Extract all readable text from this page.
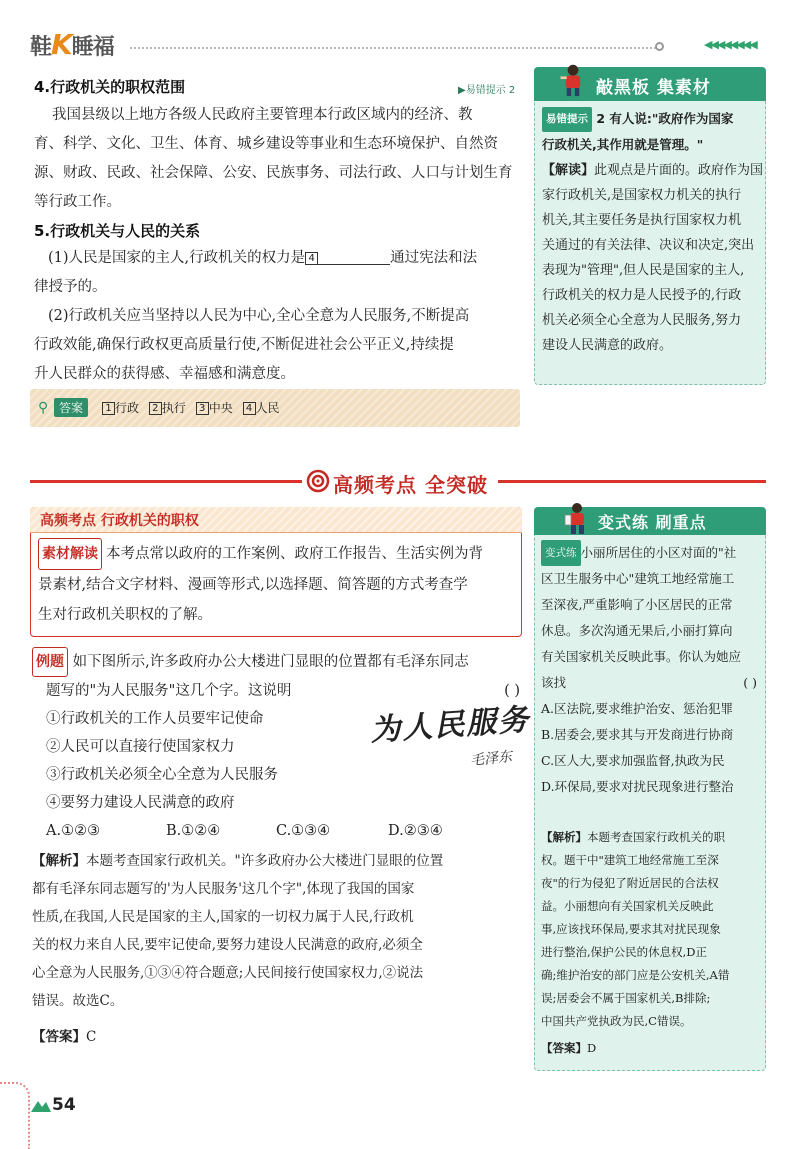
鞋K睡福	◀◀◀◀◀◀◀◀
4.行政机关的职权范围	▶易错提示 2
我国县级以上地方各级人民政府主要管理本行政区域内的经济、教
育、科学、文化、卫生、体育、城乡建设等事业和生态环境保护、自然资
源、财政、民政、社会保障、公安、民族事务、司法行政、人口与计划生育
等行政工作。
5.行政机关与人民的关系
(1)人民是国家的主人,行政机关的权力是 4	通过宪法和法
律授予的。
(2)行政机关应当坚持以人民为中心,全心全意为人民服务,不断提高
行政效能,确保行政权更高质量行使,不断促进社会公平正义,持续提
升人民群众的获得感、幸福感和满意度。
⚲ 答案	1 行政 2 执行 3 中央 4 人民
敲黑板 集素材
易错提示 2 有人说:"政府作为国家
行政机关,其作用就是管理。"
【解读】此观点是片面的。政府作为国
家行政机关,是国家权力机关的执行
机关,其主要任务是执行国家权力机
关通过的有关法律、决议和决定,突出
表现为"管理",但人民是国家的主人,
行政机关的权力是人民授予的,行政
机关必须全心全意为人民服务,努力
建设人民满意的政府。
高频考点 全突破
高频考点 行政机关的职权
素材解读 本考点常以政府的工作案例、政府工作报告、生活实例为背
景素材,结合文字材料、漫画等形式,以选择题、简答题的方式考查学
生对行政机关职权的了解。
例题 如下图所示,许多政府办公大楼进门显眼的位置都有毛泽东同志
题写的"为人民服务"这几个字。这说明	( )
①行政机关的工作人员要牢记使命
②人民可以直接行使国家权力
③行政机关必须全心全意为人民服务
④要努力建设人民满意的政府
A.①②③	B.①②④	C.①③④	D.②③④
为人民服务
毛泽东
【解析】本题考查国家行政机关。"许多政府办公大楼进门显眼的位置
都有毛泽东同志题写的'为人民服务'这几个字",体现了我国的国家
性质,在我国,人民是国家的主人,国家的一切权力属于人民,行政机
关的权力来自人民,要牢记使命,要努力建设人民满意的政府,必须全
心全意为人民服务,①③④符合题意;人民间接行使国家权力,②说法
错误。故选C。
【答案】C
变式练 刷重点
变式练 小丽所居住的小区对面的"社
区卫生服务中心"建筑工地经常施工
至深夜,严重影响了小区居民的正常
休息。多次沟通无果后,小丽打算向
有关国家机关反映此事。你认为她应
该找	( )
A.区法院,要求维护治安、惩治犯罪
B.居委会,要求其与开发商进行协商
C.区人大,要求加强监督,执政为民
D.环保局,要求对扰民现象进行整治
【解析】本题考查国家行政机关的职
权。题干中"建筑工地经常施工至深
夜"的行为侵犯了附近居民的合法权
益。小丽想向有关国家机关反映此
事,应该找环保局,要求其对扰民现象
进行整治,保护公民的休息权,D正
确;维护治安的部门应是公安机关,A错
误;居委会不属于国家机关,B排除;
中国共产党执政为民,C错误。
【答案】D
54
